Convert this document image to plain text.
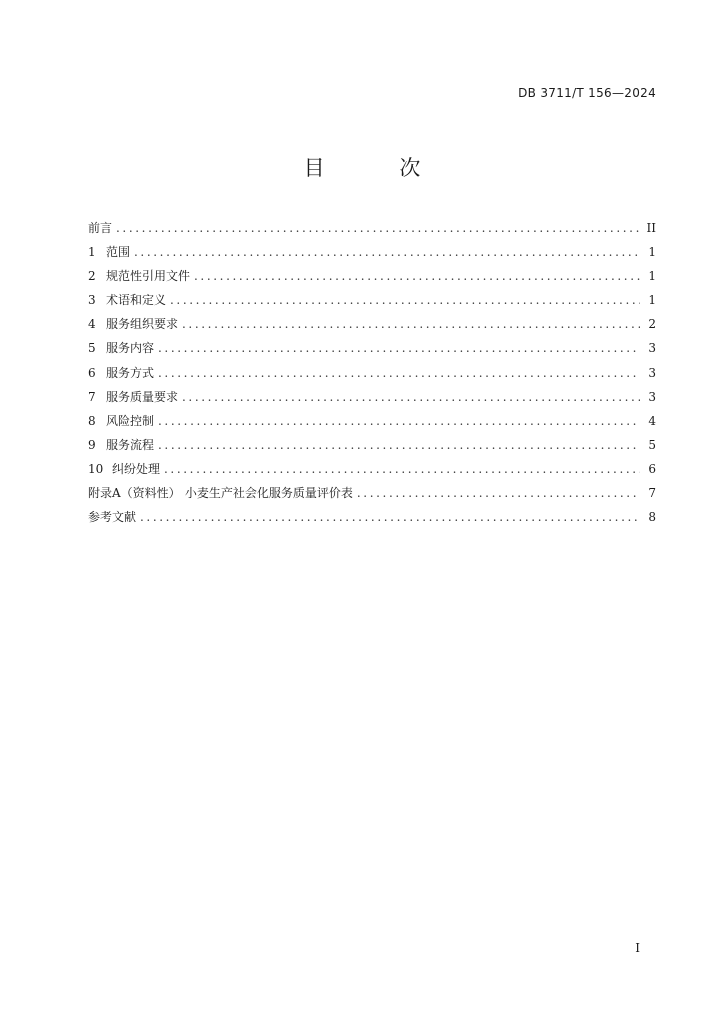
DB 3711/T 156—2024
目 次
前言 .....	II
1 范围 .....	1
2 规范性引用文件 .....	1
3 术语和定义 .....	1
4 服务组织要求 .....	2
5 服务内容 .....	3
6 服务方式 .....	3
7 服务质量要求 .....	3
8 风险控制 .....	4
9 服务流程 .....	5
10 纠纷处理 .....	6
附录A（资料性） 小麦生产社会化服务质量评价表 .....	7
参考文献 .....	8
I
